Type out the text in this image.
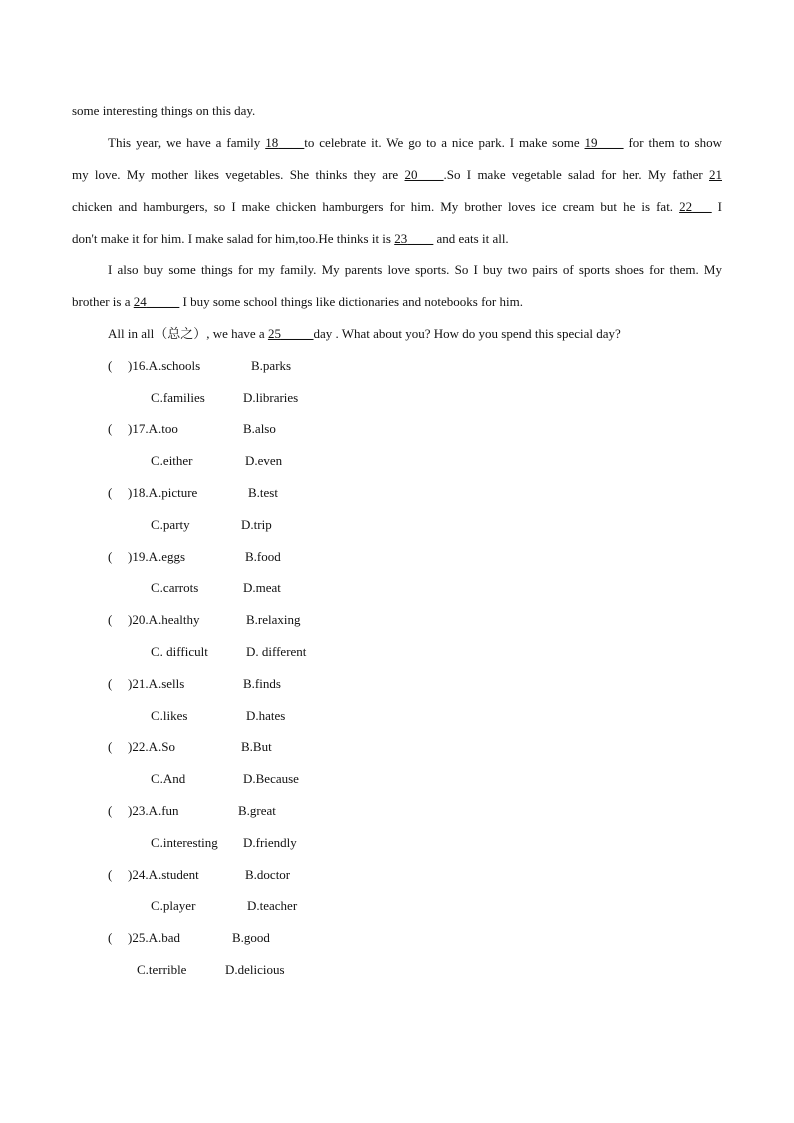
some interesting things on this day.
This year, we have a family 18____to celebrate it. We go to a nice park. I make some 19____ for them to show
my love. My mother likes vegetables. She thinks they are 20____.So I make vegetable salad for her. My father 21
chicken and hamburgers, so I make chicken hamburgers for him. My brother loves ice cream but he is fat. 22___ I
don't make it for him. I make salad for him,too.He thinks it is 23____ and eats it all.
I also buy some things for my family. My parents love sports. So I buy two pairs of sports shoes for them. My
brother is a 24_____ I buy some school things like dictionaries and notebooks for him.
All in all（总之）, we have a 25_____day . What about you? How do you spend this special day?
( )16.A.schools	B.parks
C.families	D.libraries
( )17.A.too	B.also
C.either	D.even
( )18.A.picture	B.test
C.party	D.trip
( )19.A.eggs	B.food
C.carrots	D.meat
( )20.A.healthy	B.relaxing
C. difficult	D. different
( )21.A.sells	B.finds
C.likes	D.hates
( )22.A.So	B.But
C.And	D.Because
( )23.A.fun	B.great
C.interesting D.friendly
( )24.A.student	B.doctor
C.player	D.teacher
( )25.A.bad	B.good
C.terrible	D.delicious
